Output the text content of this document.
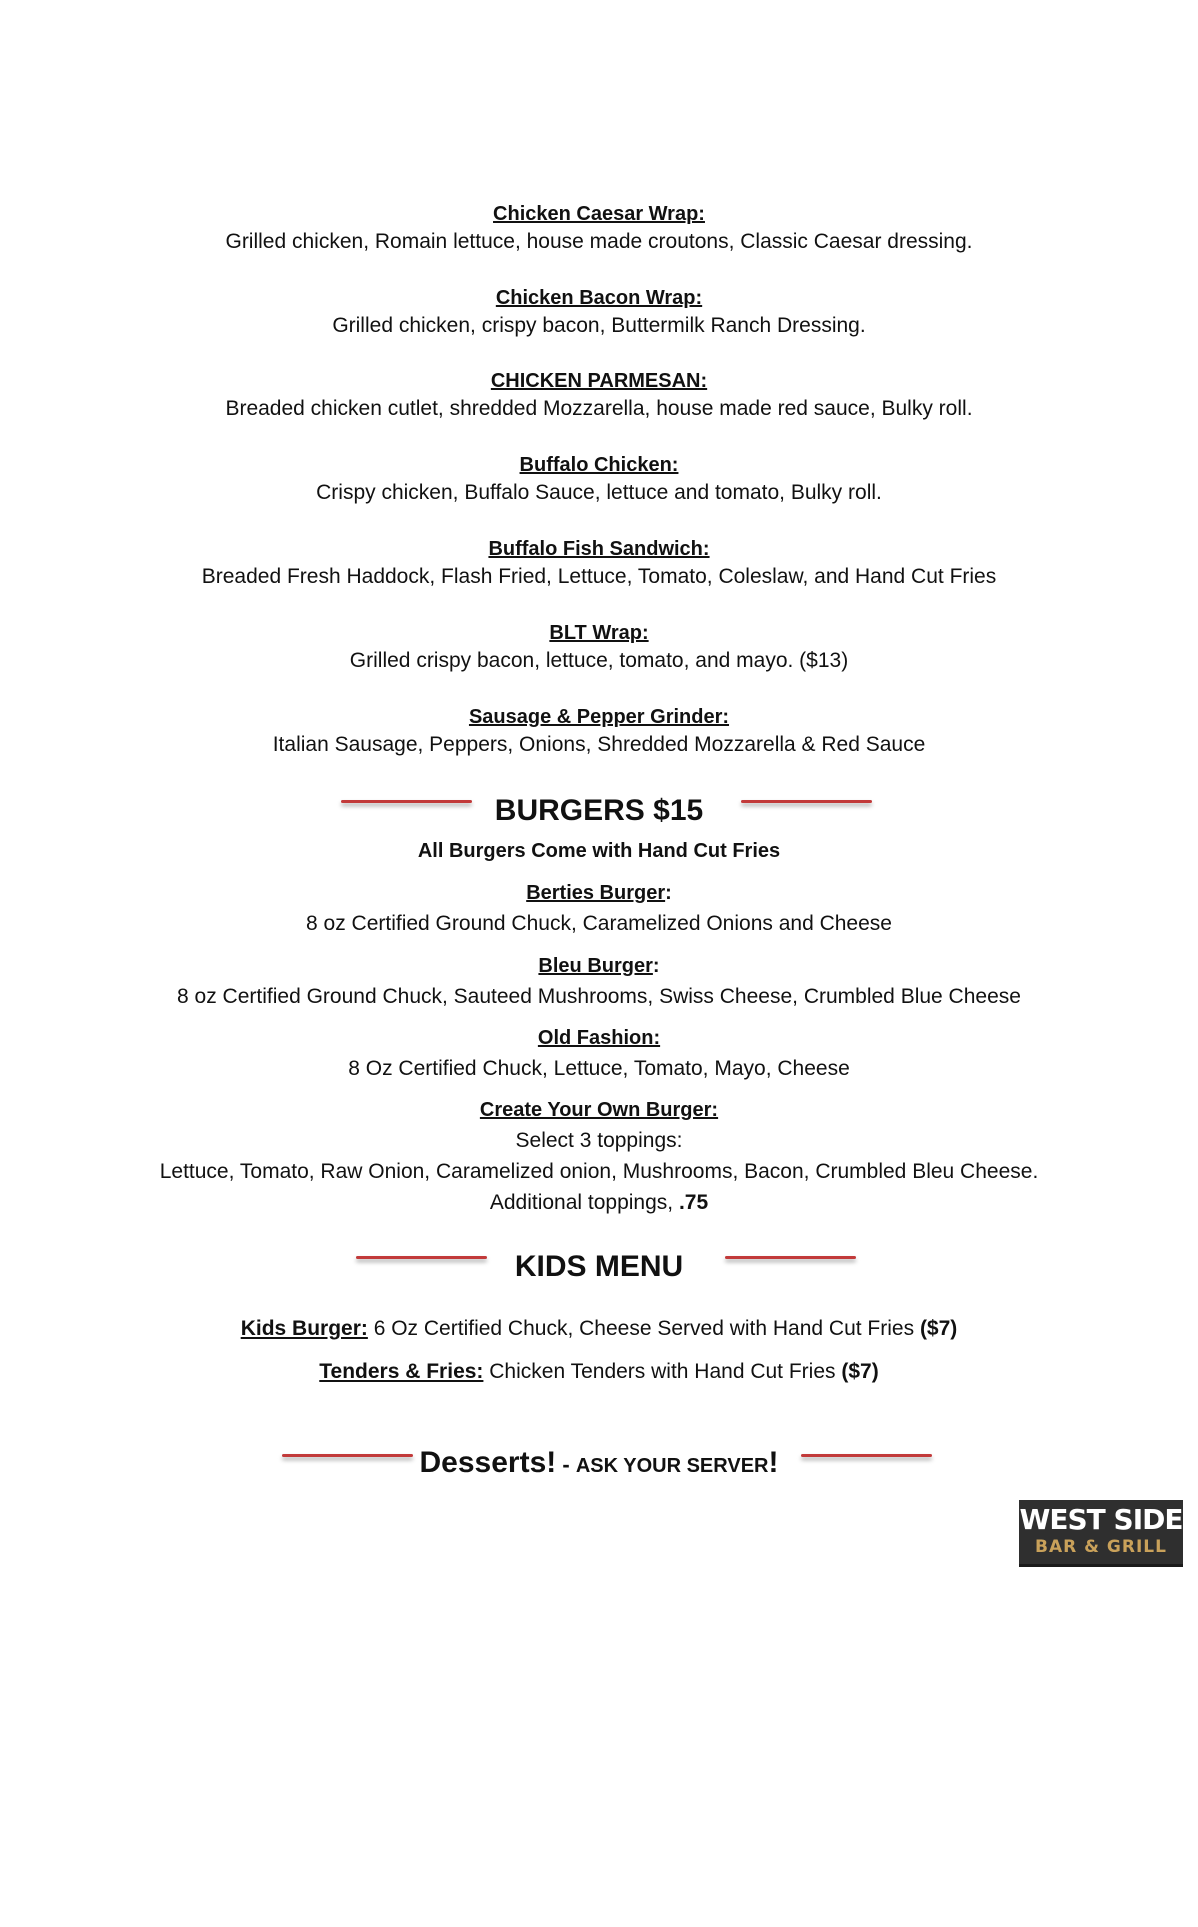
Chicken Caesar Wrap:
Grilled chicken, Romain lettuce, house made croutons, Classic Caesar dressing.
Chicken Bacon Wrap:
Grilled chicken, crispy bacon, Buttermilk Ranch Dressing.
CHICKEN PARMESAN:
Breaded chicken cutlet, shredded Mozzarella, house made red sauce, Bulky roll.
Buffalo Chicken:
Crispy chicken, Buffalo Sauce, lettuce and tomato, Bulky roll.
Buffalo Fish Sandwich:
Breaded Fresh Haddock, Flash Fried, Lettuce, Tomato, Coleslaw, and Hand Cut Fries
BLT Wrap:
Grilled crispy bacon, lettuce, tomato, and mayo. ($13)
Sausage & Pepper Grinder:
Italian Sausage, Peppers, Onions, Shredded Mozzarella & Red Sauce
BURGERS $15
All Burgers Come with Hand Cut Fries
Berties Burger:
8 oz Certified Ground Chuck, Caramelized Onions and Cheese
Bleu Burger:
8 oz Certified Ground Chuck, Sauteed Mushrooms, Swiss Cheese, Crumbled Blue Cheese
Old Fashion:
8 Oz Certified Chuck, Lettuce, Tomato, Mayo, Cheese
Create Your Own Burger:
Select 3 toppings:
Lettuce, Tomato, Raw Onion, Caramelized onion, Mushrooms, Bacon, Crumbled Bleu Cheese.
Additional toppings, .75
KIDS MENU
Kids Burger: 6 Oz Certified Chuck, Cheese Served with Hand Cut Fries ($7)
Tenders & Fries: Chicken Tenders with Hand Cut Fries ($7)
Desserts! - ASK YOUR SERVER!
WEST SIDE
BAR & GRILL
